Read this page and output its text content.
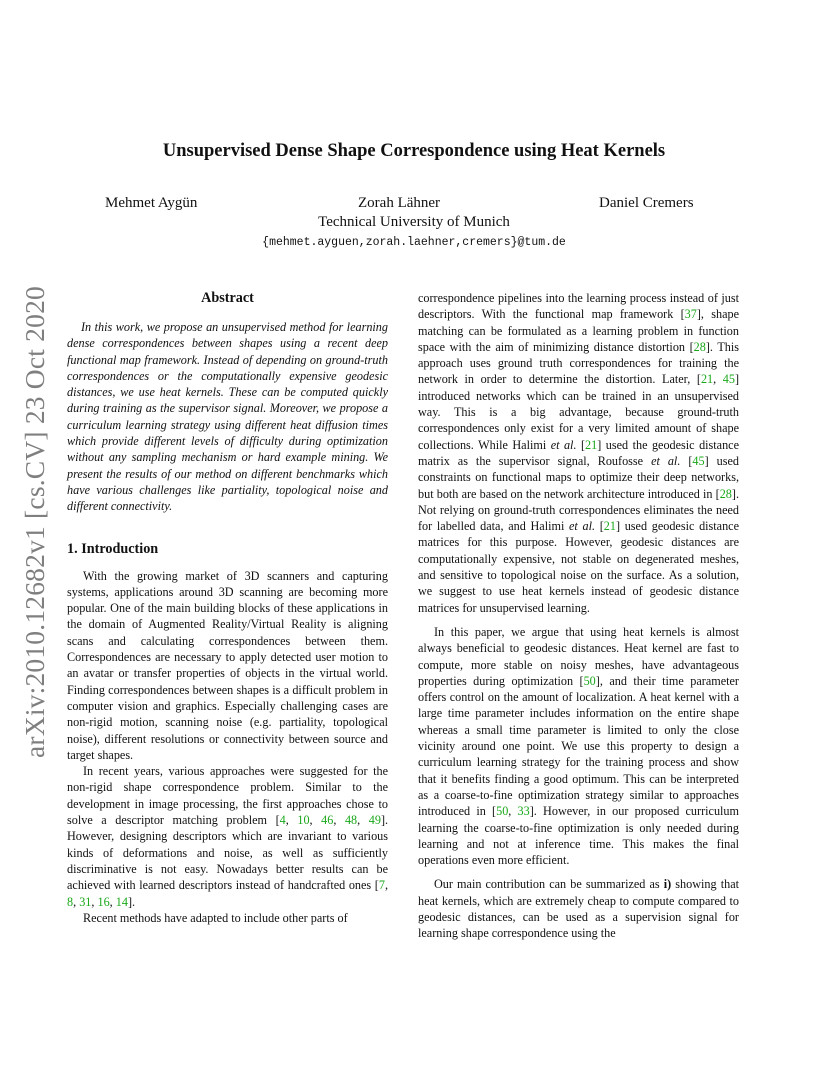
arXiv:2010.12682v1 [cs.CV] 23 Oct 2020
Unsupervised Dense Shape Correspondence using Heat Kernels
Mehmet Aygün	Zorah Lähner	Daniel Cremers
Technical University of Munich
{mehmet.ayguen,zorah.laehner,cremers}@tum.de
Abstract

In this work, we propose an unsupervised method for learning dense correspondences between shapes using a recent deep functional map framework. Instead of depending on ground-truth correspondences or the computationally expensive geodesic distances, we use heat kernels. These can be computed quickly during training as the supervisor signal. Moreover, we propose a curriculum learning strategy using different heat diffusion times which provide different levels of difficulty during optimization without any sampling mechanism or hard example mining. We present the results of our method on different benchmarks which have various challenges like partiality, topological noise and different connectivity.

1. Introduction

With the growing market of 3D scanners and capturing systems, applications around 3D scanning are becoming more popular. One of the main building blocks of these applications in the domain of Augmented Reality/Virtual Reality is aligning scans and calculating correspondences between them. Correspondences are necessary to apply detected user motion to an avatar or transfer properties of objects in the virtual world. Finding correspondences between shapes is a difficult problem in computer vision and graphics. Especially challenging cases are non-rigid motion, scanning noise (e.g. partiality, topological noise), different resolutions or connectivity between source and target shapes.

In recent years, various approaches were suggested for the non-rigid shape correspondence problem. Similar to the development in image processing, the first approaches chose to solve a descriptor matching problem [4, 10, 46, 48, 49]. However, designing descriptors which are invariant to various kinds of deformations and noise, as well as sufficiently discriminative is not easy. Nowadays better results can be achieved with learned descriptors instead of handcrafted ones [7, 8, 31, 16, 14].

Recent methods have adapted to include other parts of

correspondence pipelines into the learning process instead of just descriptors. With the functional map framework [37], shape matching can be formulated as a learning problem in function space with the aim of minimizing distance distortion [28]. This approach uses ground truth correspondences for training the network in order to determine the distortion. Later, [21, 45] introduced networks which can be trained in an unsupervised way. This is a big advantage, because ground-truth correspondences only exist for a very limited amount of shape collections. While Halimi et al. [21] used the geodesic distance matrix as the supervisor signal, Roufosse et al. [45] used constraints on functional maps to optimize their deep networks, but both are based on the network architecture introduced in [28]. Not relying on ground-truth correspondences eliminates the need for labelled data, and Halimi et al. [21] used geodesic distance matrices for this purpose. However, geodesic distances are computationally expensive, not stable on degenerated meshes, and sensitive to topological noise on the surface. As a solution, we suggest to use heat kernels instead of geodesic distance matrices for unsupervised learning.

In this paper, we argue that using heat kernels is almost always beneficial to geodesic distances. Heat kernel are fast to compute, more stable on noisy meshes, have advantageous properties during optimization [50], and their time parameter offers control on the amount of localization. A heat kernel with a large time parameter includes information on the entire shape whereas a small time parameter is limited to only the close vicinity around one point. We use this property to design a curriculum learning strategy for the training process and show that it benefits finding a good optimum. This can be interpreted as a coarse-to-fine optimization strategy similar to approaches introduced in [50, 33]. However, in our proposed curriculum learning the coarse-to-fine optimization is only needed during learning and not at inference time. This makes the final operations even more efficient.

Our main contribution can be summarized as i) showing that heat kernels, which are extremely cheap to compute compared to geodesic distances, can be used as a supervision signal for learning shape correspondence using the
